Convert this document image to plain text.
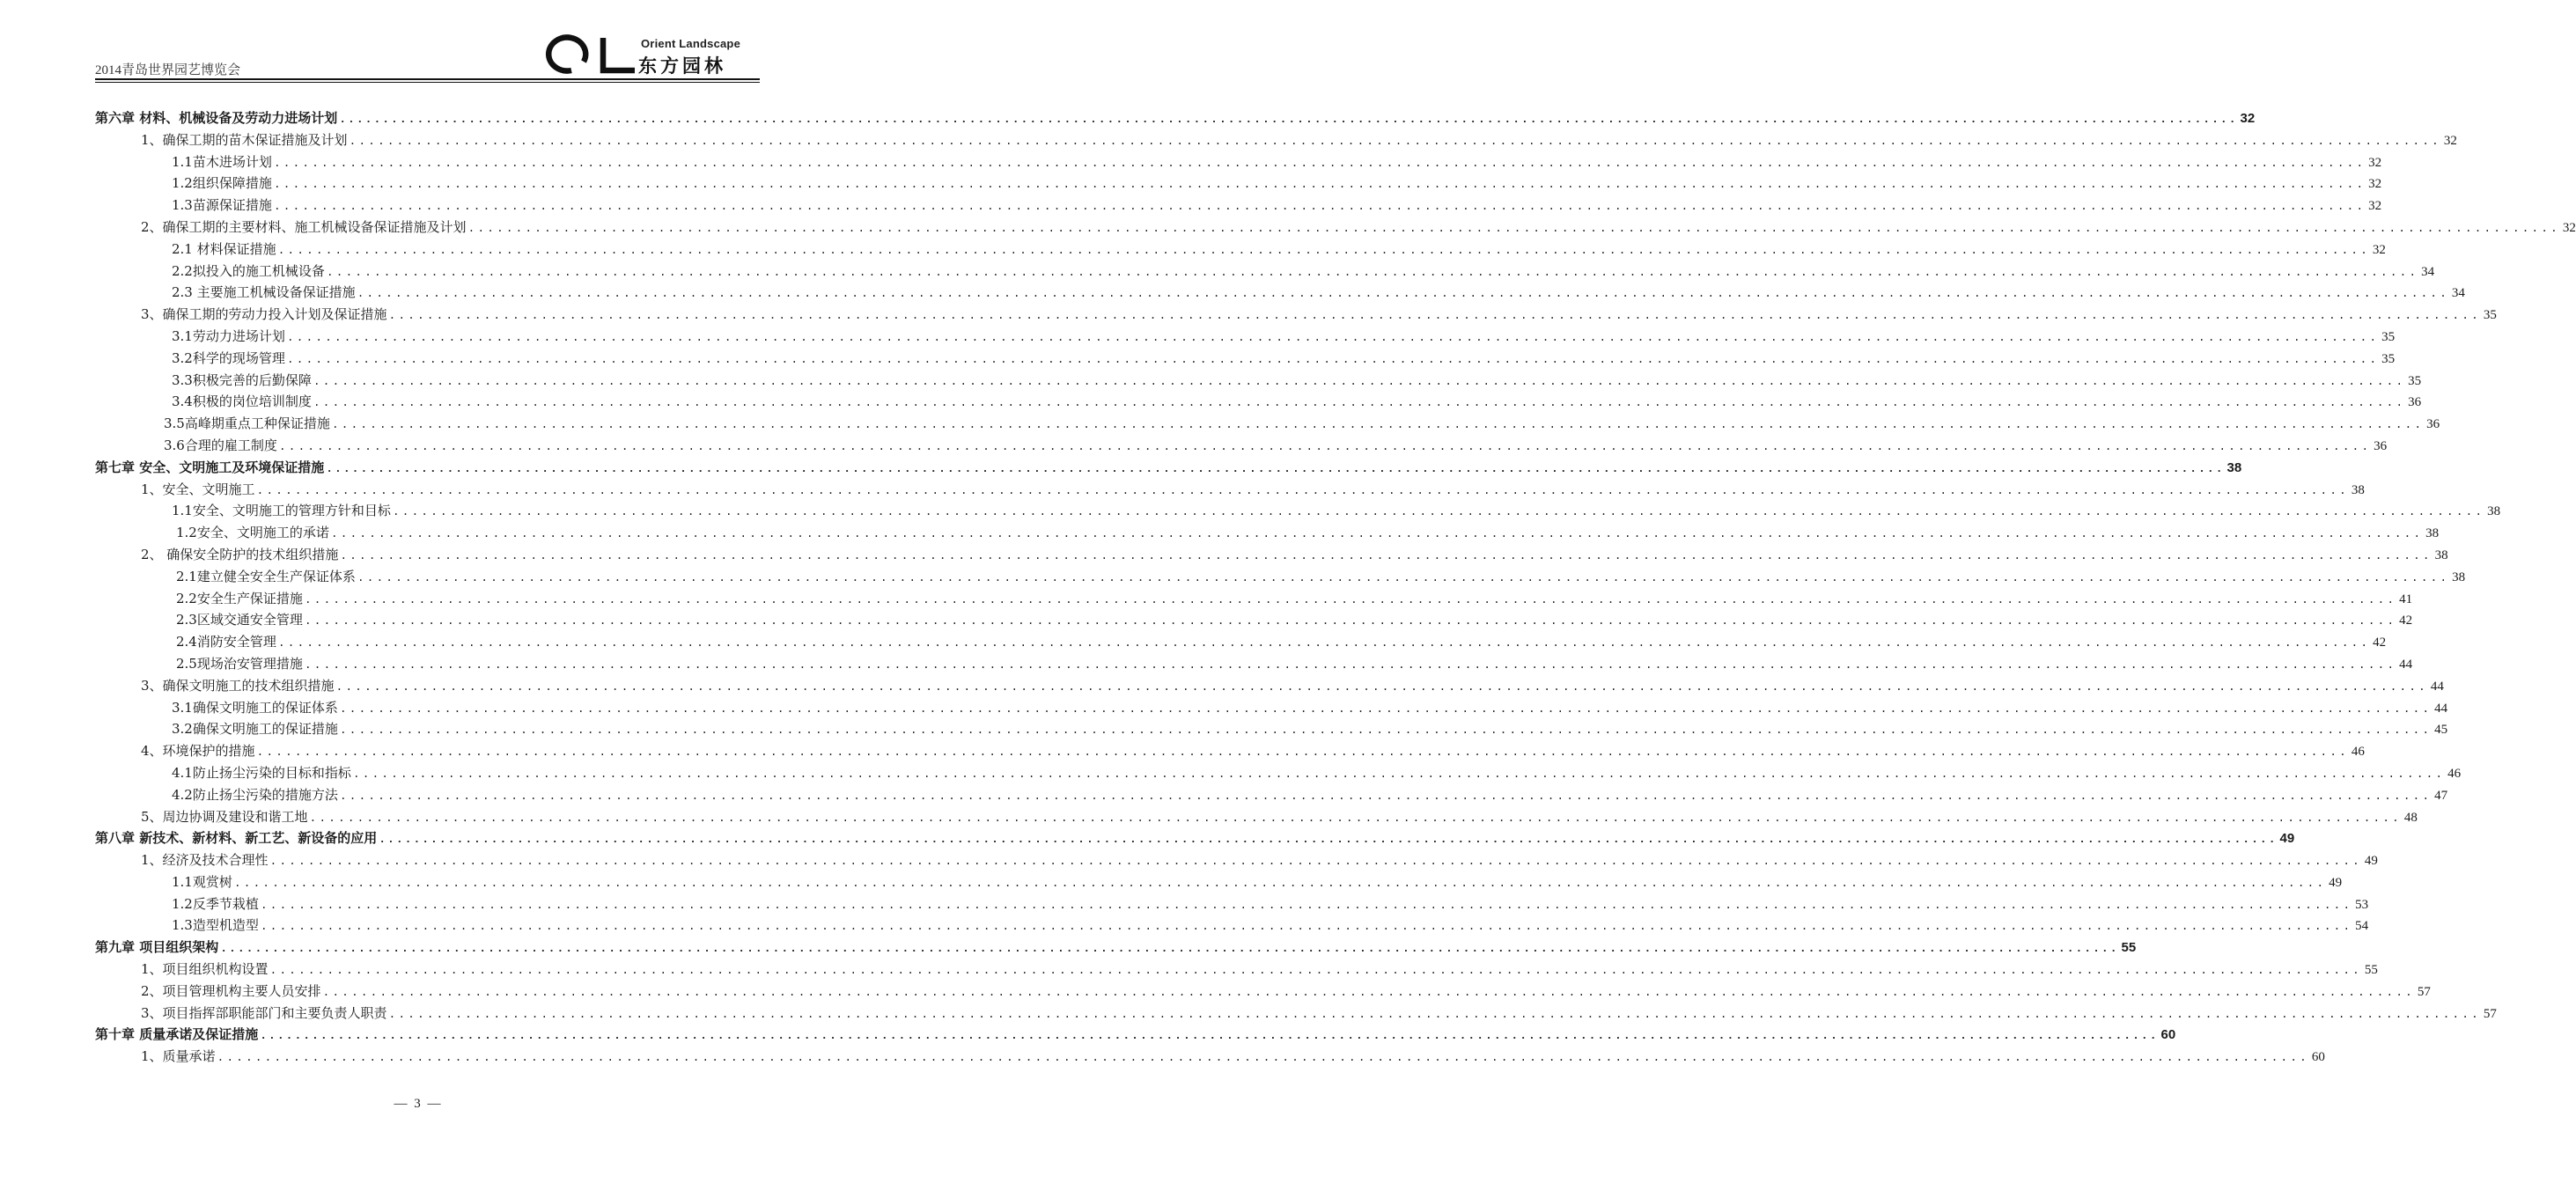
2014青岛世界园艺博览会
Orient Landscape
东方园林
第六章 材料、机械设备及劳动力进场计划 ............................................................................................................................................................................................................................ 32
1、确保工期的苗木保证措施及计划 ............................................................................................................................................................................................................................ 32
1.1苗木进场计划 ............................................................................................................................................................................................................................ 32
1.2组织保障措施 ............................................................................................................................................................................................................................ 32
1.3苗源保证措施 ............................................................................................................................................................................................................................ 32
2、确保工期的主要材料、施工机械设备保证措施及计划 ............................................................................................................................................................................................................................ 32
2.1 材料保证措施 ............................................................................................................................................................................................................................ 32
2.2拟投入的施工机械设备 ............................................................................................................................................................................................................................ 34
2.3 主要施工机械设备保证措施 ............................................................................................................................................................................................................................ 34
3、确保工期的劳动力投入计划及保证措施 ............................................................................................................................................................................................................................ 35
3.1劳动力进场计划 ............................................................................................................................................................................................................................ 35
3.2科学的现场管理 ............................................................................................................................................................................................................................ 35
3.3积极完善的后勤保障 ............................................................................................................................................................................................................................ 35
3.4积极的岗位培训制度 ............................................................................................................................................................................................................................ 36
3.5高峰期重点工种保证措施 ............................................................................................................................................................................................................................ 36
3.6合理的雇工制度 ............................................................................................................................................................................................................................ 36
第七章 安全、文明施工及环境保证措施 ............................................................................................................................................................................................................................ 38
1、安全、文明施工 ............................................................................................................................................................................................................................ 38
1.1安全、文明施工的管理方针和目标 ............................................................................................................................................................................................................................ 38
1.2安全、文明施工的承诺 ............................................................................................................................................................................................................................ 38
2、 确保安全防护的技术组织措施 ............................................................................................................................................................................................................................ 38
2.1建立健全安全生产保证体系 ............................................................................................................................................................................................................................ 38
2.2安全生产保证措施 ............................................................................................................................................................................................................................ 41
2.3区域交通安全管理 ............................................................................................................................................................................................................................ 42
2.4消防安全管理 ............................................................................................................................................................................................................................ 42
2.5现场治安管理措施 ............................................................................................................................................................................................................................ 44
3、确保文明施工的技术组织措施 ............................................................................................................................................................................................................................ 44
3.1确保文明施工的保证体系 ............................................................................................................................................................................................................................ 44
3.2确保文明施工的保证措施 ............................................................................................................................................................................................................................ 45
4、环境保护的措施 ............................................................................................................................................................................................................................ 46
4.1防止扬尘污染的目标和指标 ............................................................................................................................................................................................................................ 46
4.2防止扬尘污染的措施方法 ............................................................................................................................................................................................................................ 47
5、周边协调及建设和谐工地 ............................................................................................................................................................................................................................ 48
第八章 新技术、新材料、新工艺、新设备的应用 ............................................................................................................................................................................................................................ 49
1、经济及技术合理性 ............................................................................................................................................................................................................................ 49
1.1观赏树 ............................................................................................................................................................................................................................ 49
1.2反季节栽植 ............................................................................................................................................................................................................................ 53
1.3造型机造型 ............................................................................................................................................................................................................................ 54
第九章 项目组织架构 ............................................................................................................................................................................................................................ 55
1、项目组织机构设置 ............................................................................................................................................................................................................................ 55
2、项目管理机构主要人员安排 ............................................................................................................................................................................................................................ 57
3、项目指挥部职能部门和主要负责人职责 ............................................................................................................................................................................................................................ 57
第十章 质量承诺及保证措施 ............................................................................................................................................................................................................................ 60
1、质量承诺 ............................................................................................................................................................................................................................ 60
— 3 —
